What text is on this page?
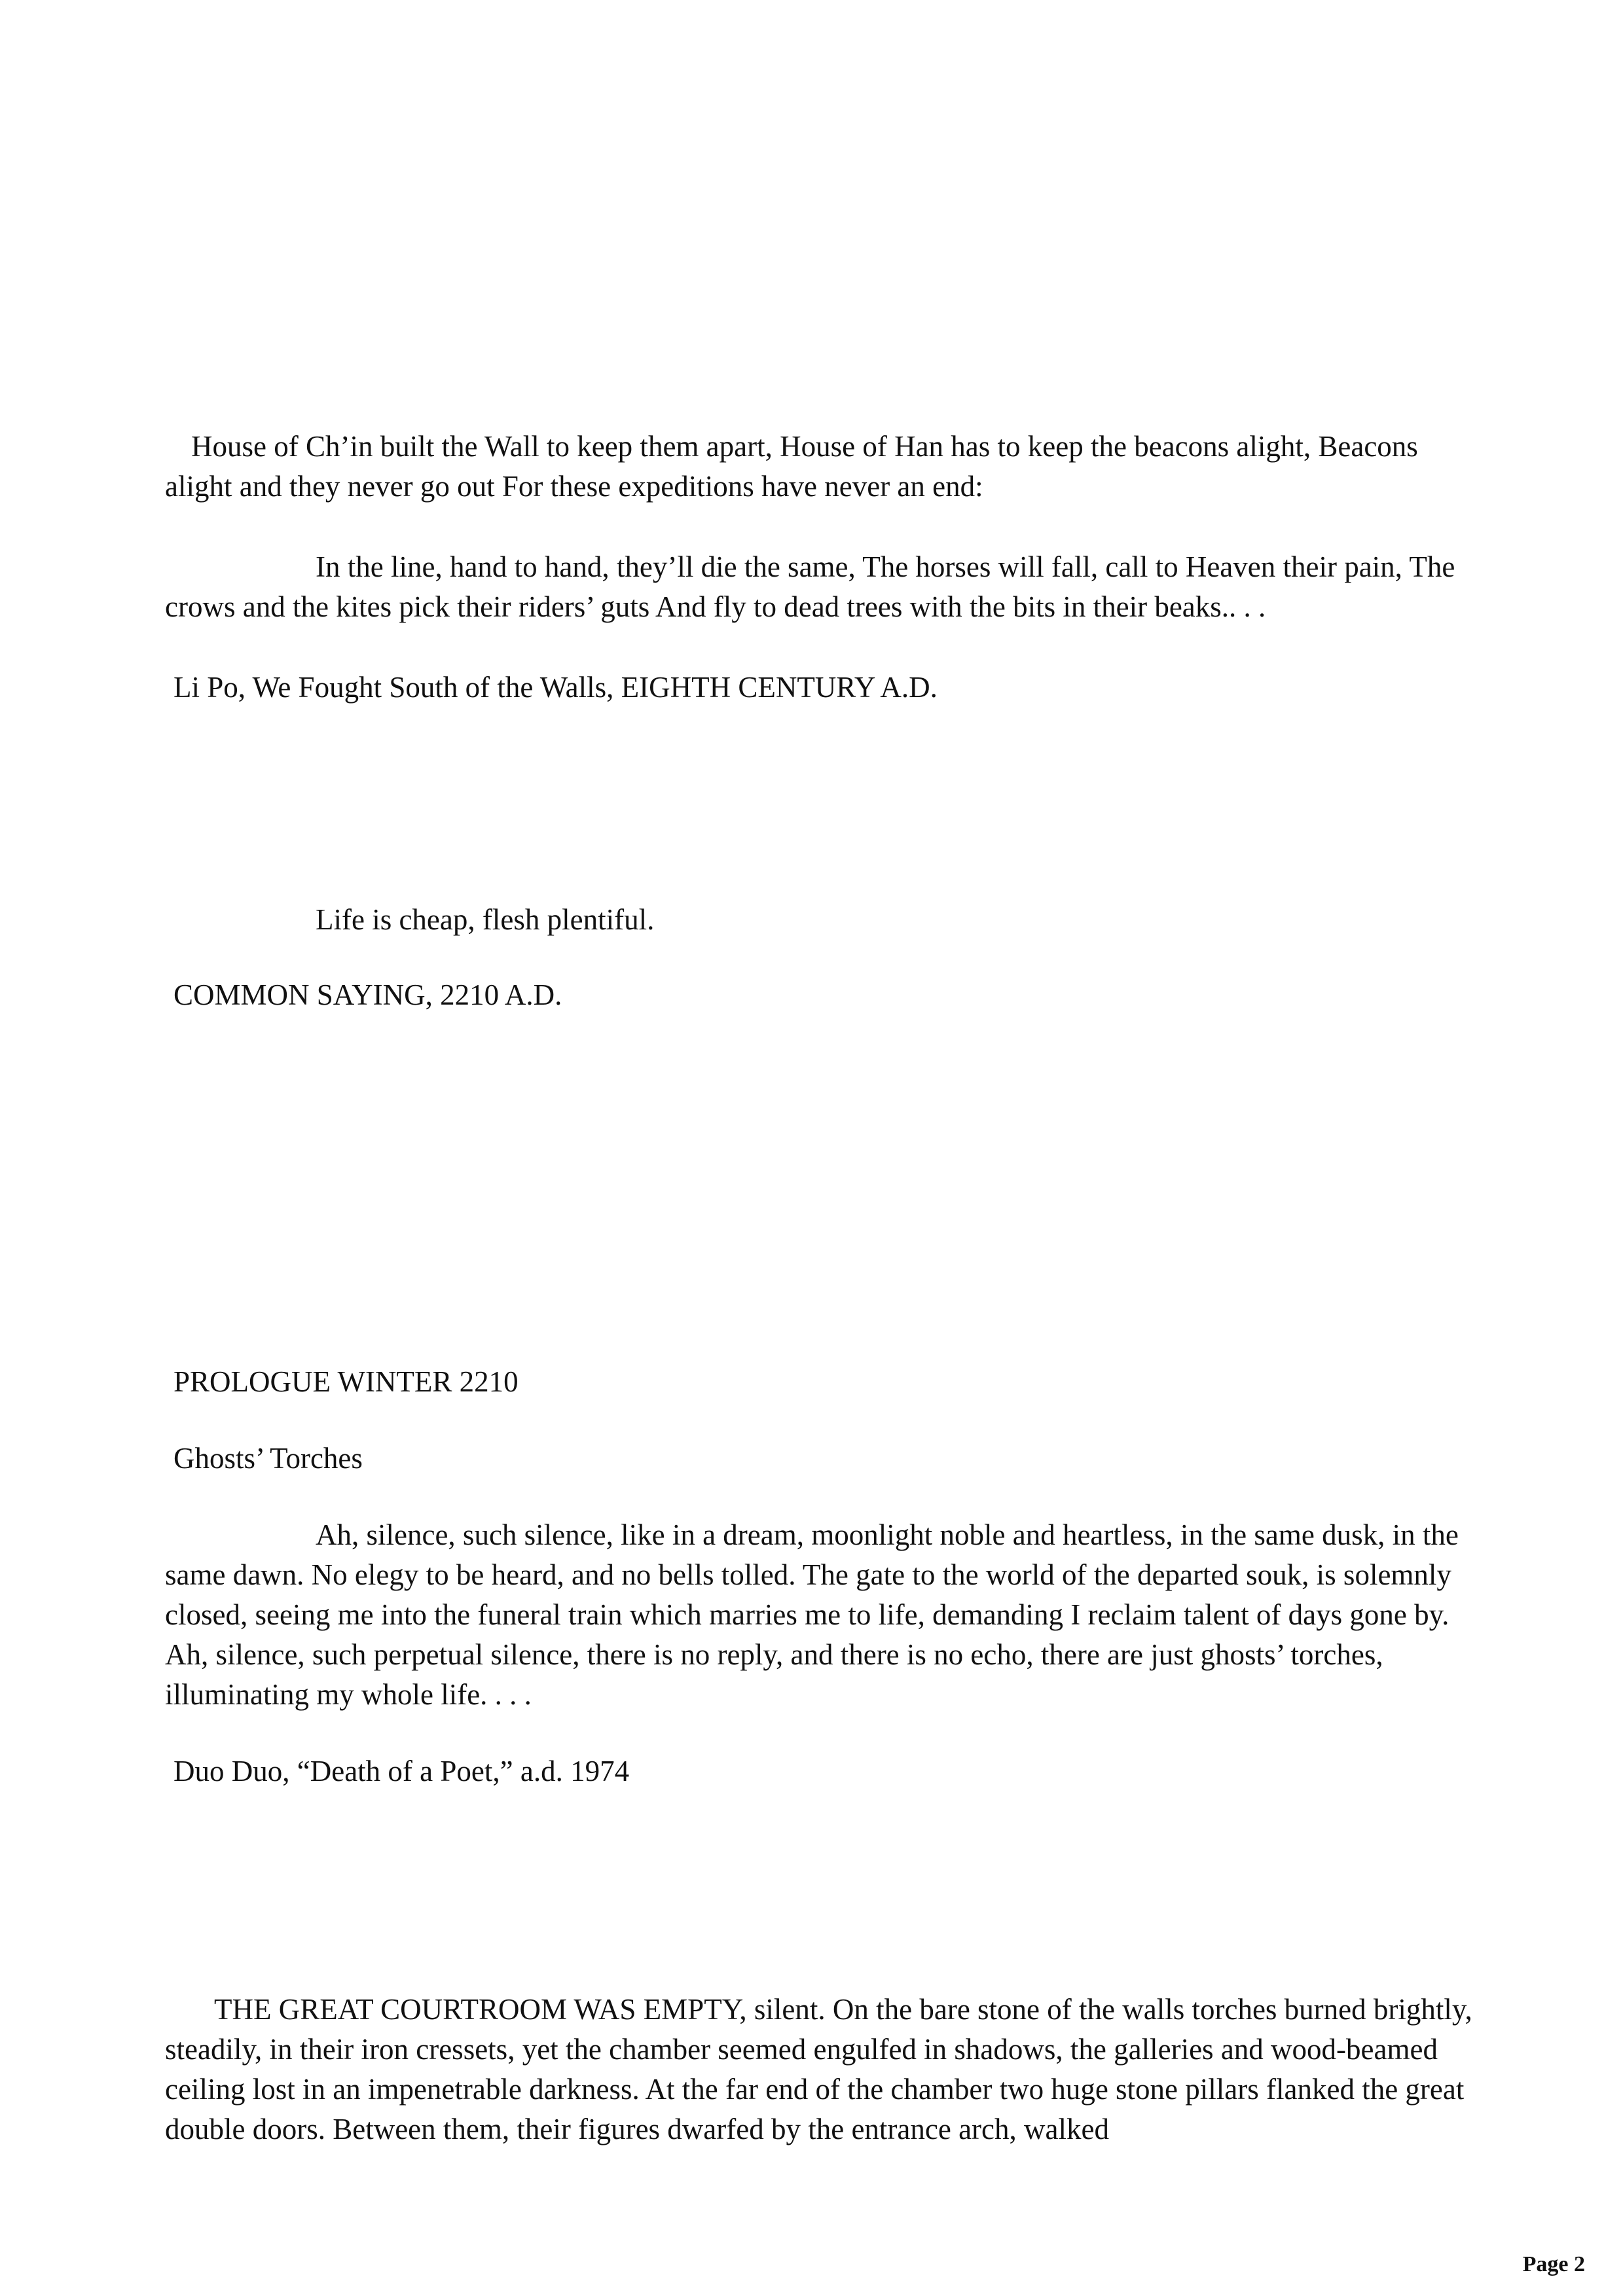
House of Ch’in built the Wall to keep them apart, House of Han has to keep the beacons alight, Beacons alight and they never go out For these expeditions have never an end:

In the line, hand to hand, they’ll die the same, The horses will fall, call to Heaven their pain, The crows and the kites pick their riders’ guts And fly to dead trees with the bits in their beaks.. . .

Li Po, We Fought South of the Walls, EIGHTH CENTURY A.D.

Life is cheap, flesh plentiful.

COMMON SAYING, 2210 A.D.

PROLOGUE WINTER 2210

Ghosts’ Torches

Ah, silence, such silence, like in a dream, moonlight noble and heartless, in the same dusk, in the same dawn. No elegy to be heard, and no bells tolled. The gate to the world of the departed souk, is solemnly closed, seeing me into the funeral train which marries me to life, demanding I reclaim talent of days gone by. Ah, silence, such perpetual silence, there is no reply, and there is no echo, there are just ghosts’ torches, illuminating my whole life. . . .

Duo Duo, “Death of a Poet,” a.d. 1974

THE GREAT COURTROOM WAS EMPTY, silent. On the bare stone of the walls torches burned brightly, steadily, in their iron cressets, yet the chamber seemed engulfed in shadows, the galleries and wood-beamed ceiling lost in an impenetrable darkness. At the far end of the chamber two huge stone pillars flanked the great double doors. Between them, their figures dwarfed by the entrance arch, walked

Page 2
